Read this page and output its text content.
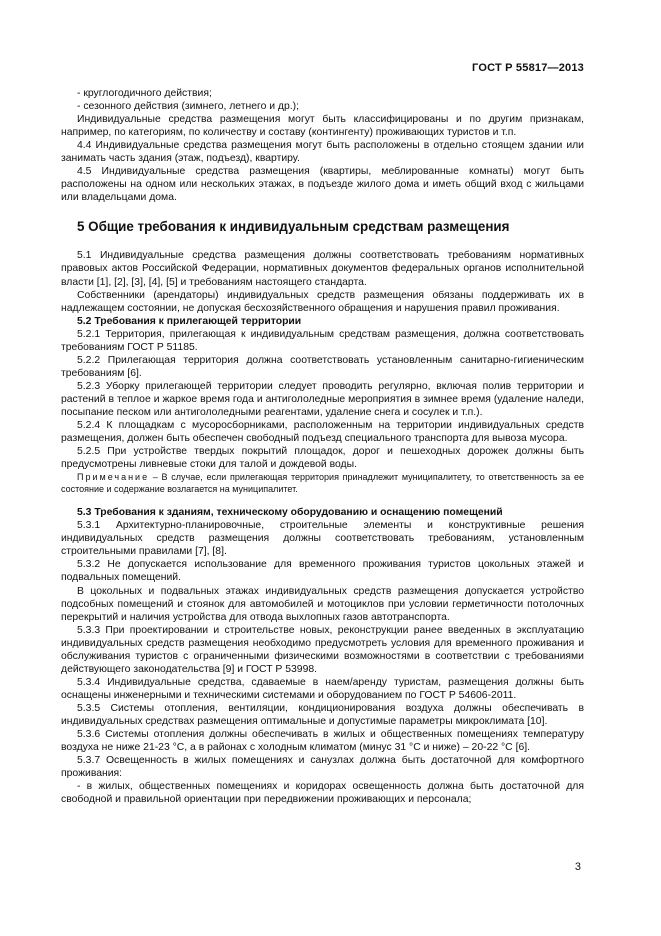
ГОСТ Р 55817—2013

- круглогодичного действия;

- сезонного действия (зимнего, летнего и др.);

Индивидуальные средства размещения могут быть классифицированы и по другим признакам, например, по категориям, по количеству и составу (контингенту) проживающих туристов и т.п.

4.4 Индивидуальные средства размещения могут быть расположены в отдельно стоящем здании или занимать часть здания (этаж, подъезд), квартиру.

4.5 Индивидуальные средства размещения (квартиры, меблированные комнаты) могут быть расположены на одном или нескольких этажах, в подъезде жилого дома и иметь общий вход с жильцами или владельцами дома.

5 Общие требования к индивидуальным средствам размещения

5.1 Индивидуальные средства размещения должны соответствовать требованиям нормативных правовых актов Российской Федерации, нормативных документов федеральных органов исполнительной власти [1], [2], [3], [4], [5] и требованиям настоящего стандарта.

Собственники (арендаторы) индивидуальных средств размещения обязаны поддерживать их в надлежащем состоянии, не допуская бесхозяйственного обращения и нарушения правил проживания.

5.2 Требования к прилегающей территории

5.2.1 Территория, прилегающая к индивидуальным средствам размещения, должна соответствовать требованиям ГОСТ Р 51185.

5.2.2 Прилегающая территория должна соответствовать установленным санитарно-гигиеническим требованиям [6].

5.2.3 Уборку прилегающей территории следует проводить регулярно, включая полив территории и растений в теплое и жаркое время года и антигололедные мероприятия в зимнее время (удаление наледи, посыпание песком или антигололедными реагентами, удаление снега и сосулек и т.п.).

5.2.4 К площадкам с мусоросборниками, расположенным на территории индивидуальных средств размещения, должен быть обеспечен свободный подъезд специального транспорта для вывоза мусора.

5.2.5 При устройстве твердых покрытий площадок, дорог и пешеходных дорожек должны быть предусмотрены ливневые стоки для талой и дождевой воды.

Примечание – В случае, если прилегающая территория принадлежит муниципалитету, то ответственность за ее состояние и содержание возлагается на муниципалитет.

5.3 Требования к зданиям, техническому оборудованию и оснащению помещений

5.3.1 Архитектурно-планировочные, строительные элементы и конструктивные решения индивидуальных средств размещения должны соответствовать требованиям, установленным строительными правилами [7], [8].

5.3.2 Не допускается использование для временного проживания туристов цокольных этажей и подвальных помещений.

В цокольных и подвальных этажах индивидуальных средств размещения допускается устройство подсобных помещений и стоянок для автомобилей и мотоциклов при условии герметичности потолочных перекрытий и наличия устройства для отвода выхлопных газов автотранспорта.

5.3.3 При проектировании и строительстве новых, реконструкции ранее введенных в эксплуатацию индивидуальных средств размещения необходимо предусмотреть условия для временного проживания и обслуживания туристов с ограниченными физическими возможностями в соответствии с требованиями действующего законодательства [9] и ГОСТ Р 53998.

5.3.4 Индивидуальные средства, сдаваемые в наем/аренду туристам, размещения должны быть оснащены инженерными и техническими системами и оборудованием по ГОСТ Р 54606-2011.

5.3.5 Системы отопления, вентиляции, кондиционирования воздуха должны обеспечивать в индивидуальных средствах размещения оптимальные и допустимые параметры микроклимата [10].

5.3.6 Системы отопления должны обеспечивать в жилых и общественных помещениях температуру воздуха не ниже 21-23 °C, а в районах с холодным климатом (минус 31 °C и ниже) – 20-22 °C [6].

5.3.7 Освещенность в жилых помещениях и санузлах должна быть достаточной для комфортного проживания:

- в жилых, общественных помещениях и коридорах освещенность должна быть достаточной для свободной и правильной ориентации при передвижении проживающих и персонала;

3
